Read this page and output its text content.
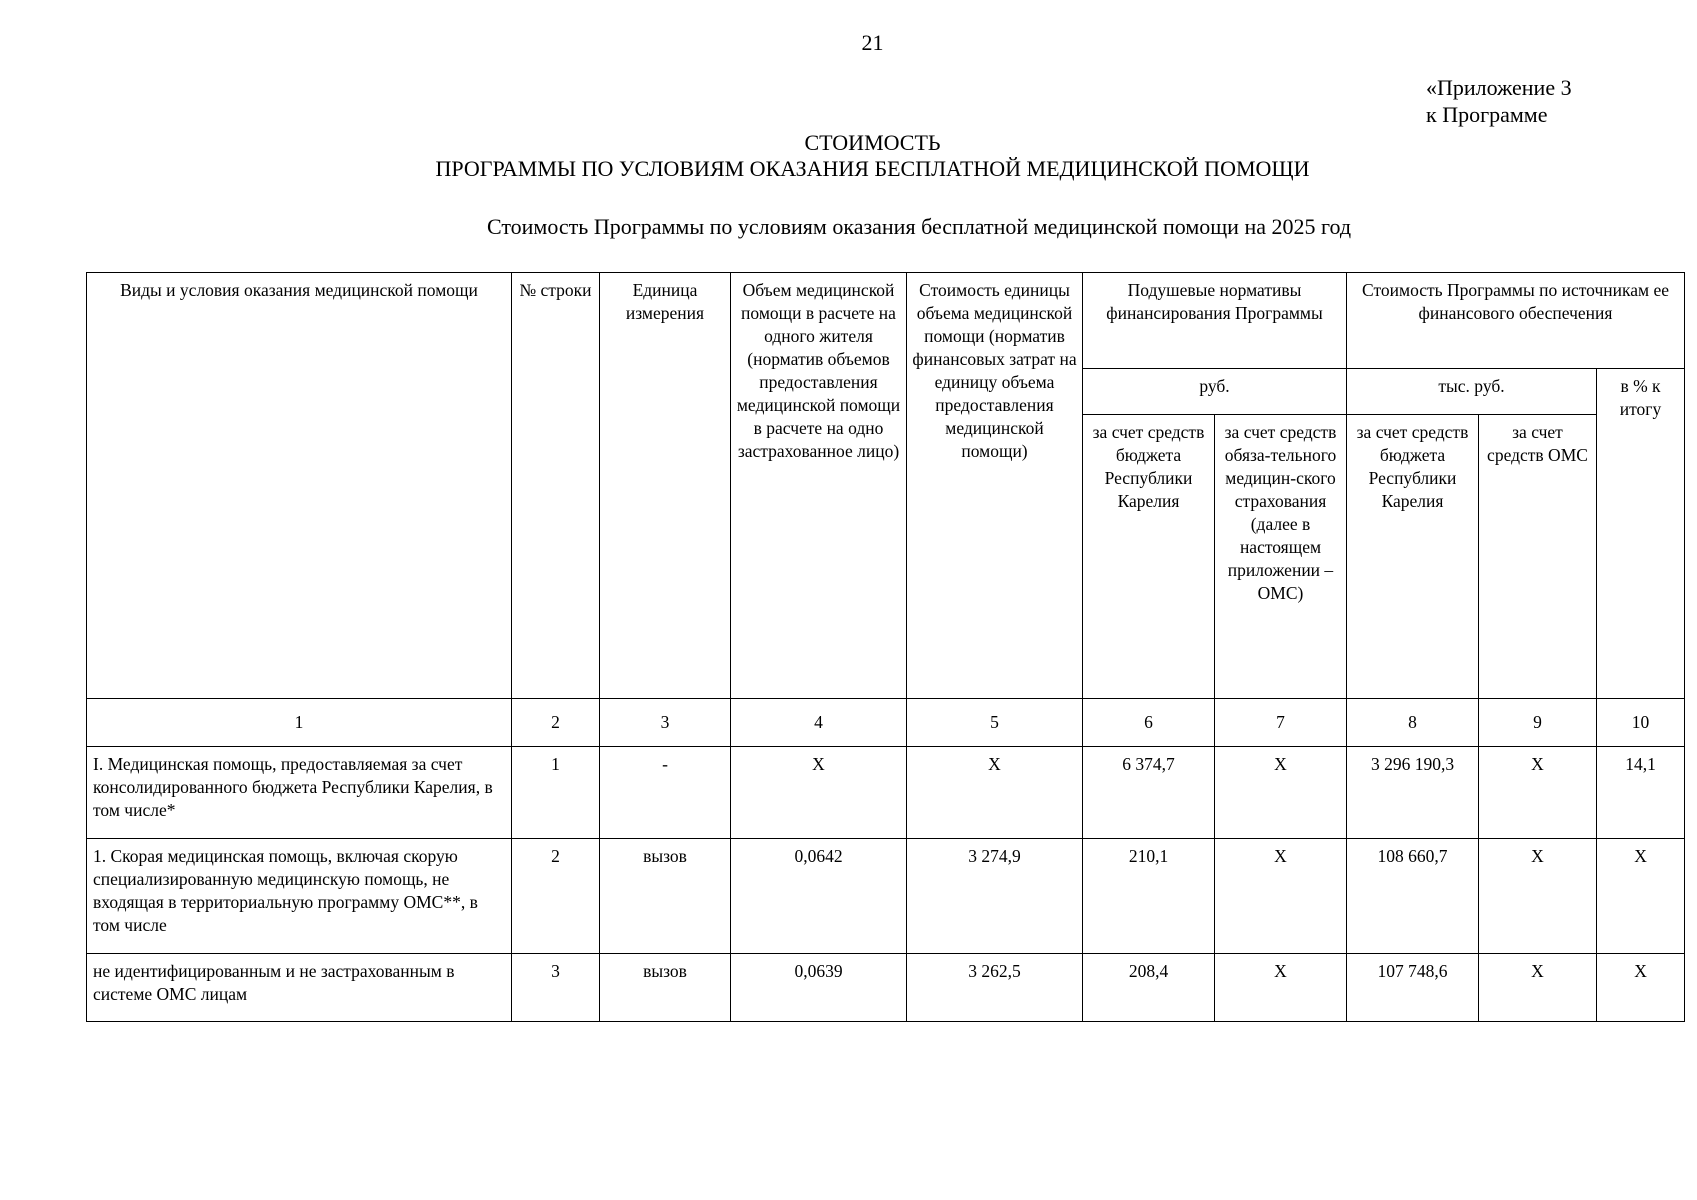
21
«Приложение 3
к Программе
СТОИМОСТЬ
ПРОГРАММЫ ПО УСЛОВИЯМ ОКАЗАНИЯ БЕСПЛАТНОЙ МЕДИЦИНСКОЙ ПОМОЩИ
Стоимость Программы по условиям оказания бесплатной медицинской помощи на 2025 год
Виды и условия оказания медицинской помощи	№ строки	Единица измерения	Объем медицинской помощи в расчете на одного жителя (норматив объемов предоставления медицинской помощи в расчете на одно застрахованное лицо)	Стоимость единицы объема медицинской помощи (норматив финансовых затрат на единицу объема предоставления медицинской помощи)	Подушевые нормативы финансирования Программы		Стоимость Программы по источникам ее финансового обеспечения		
					руб.		тыс. руб.		в % к итогу
					за счет средств бюджета Республики Карелия	за счет средств обяза-тельного медицин-ского страхования (далее в настоящем приложении – ОМС)	за счет средств бюджета Республики Карелия	за счет средств ОМС	
1	2	3	4	5	6	7	8	9	10
I. Медицинская помощь, предоставляемая за счет консолидированного бюджета Республики Карелия, в том числе*	1	-	Х	Х	6 374,7	Х	3 296 190,3	Х	14,1
1. Скорая медицинская помощь, включая скорую специализированную медицинскую помощь, не входящая в территориальную программу ОМС**, в том числе	2	вызов	0,0642	3 274,9	210,1	Х	108 660,7	Х	Х
не идентифицированным и не застрахованным в системе ОМС лицам	3	вызов	0,0639	3 262,5	208,4	Х	107 748,6	Х	Х
